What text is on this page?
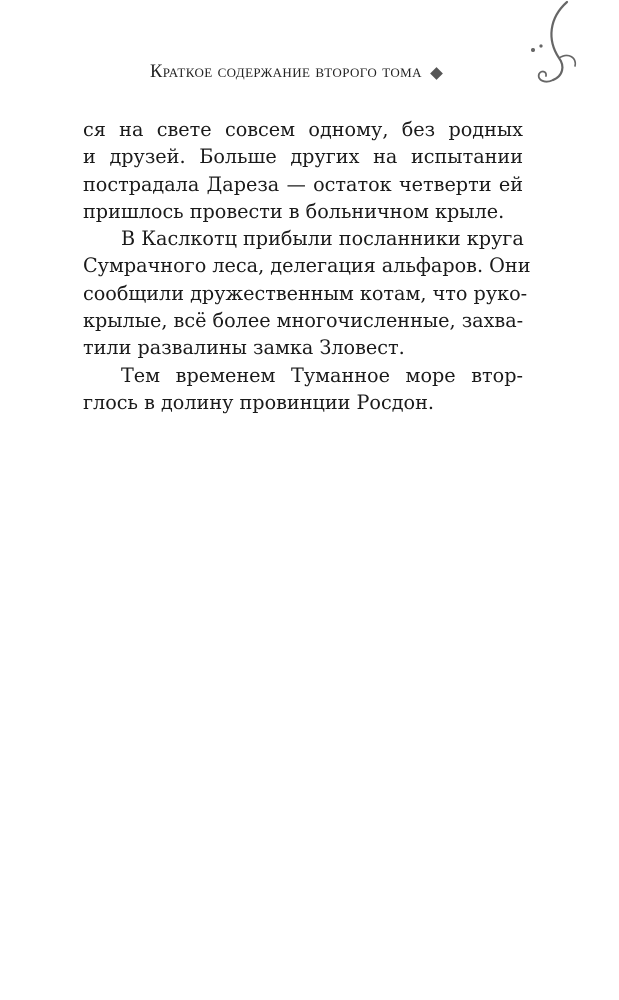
Краткое содержание второго тома
ся на свете совсем одному, без родных
и друзей. Больше других на испытании
пострадала Дареза — остаток четверти ей
пришлось провести в больничном крыле.
В Каслкотц прибыли посланники круга
Сумрачного леса, делегация альфаров. Они
сообщили дружественным котам, что руко-
крылые, всё более многочисленные, захва-
тили развалины замка Зловест.
Тем временем Туманное море втор-
глось в долину провинции Росдон.
